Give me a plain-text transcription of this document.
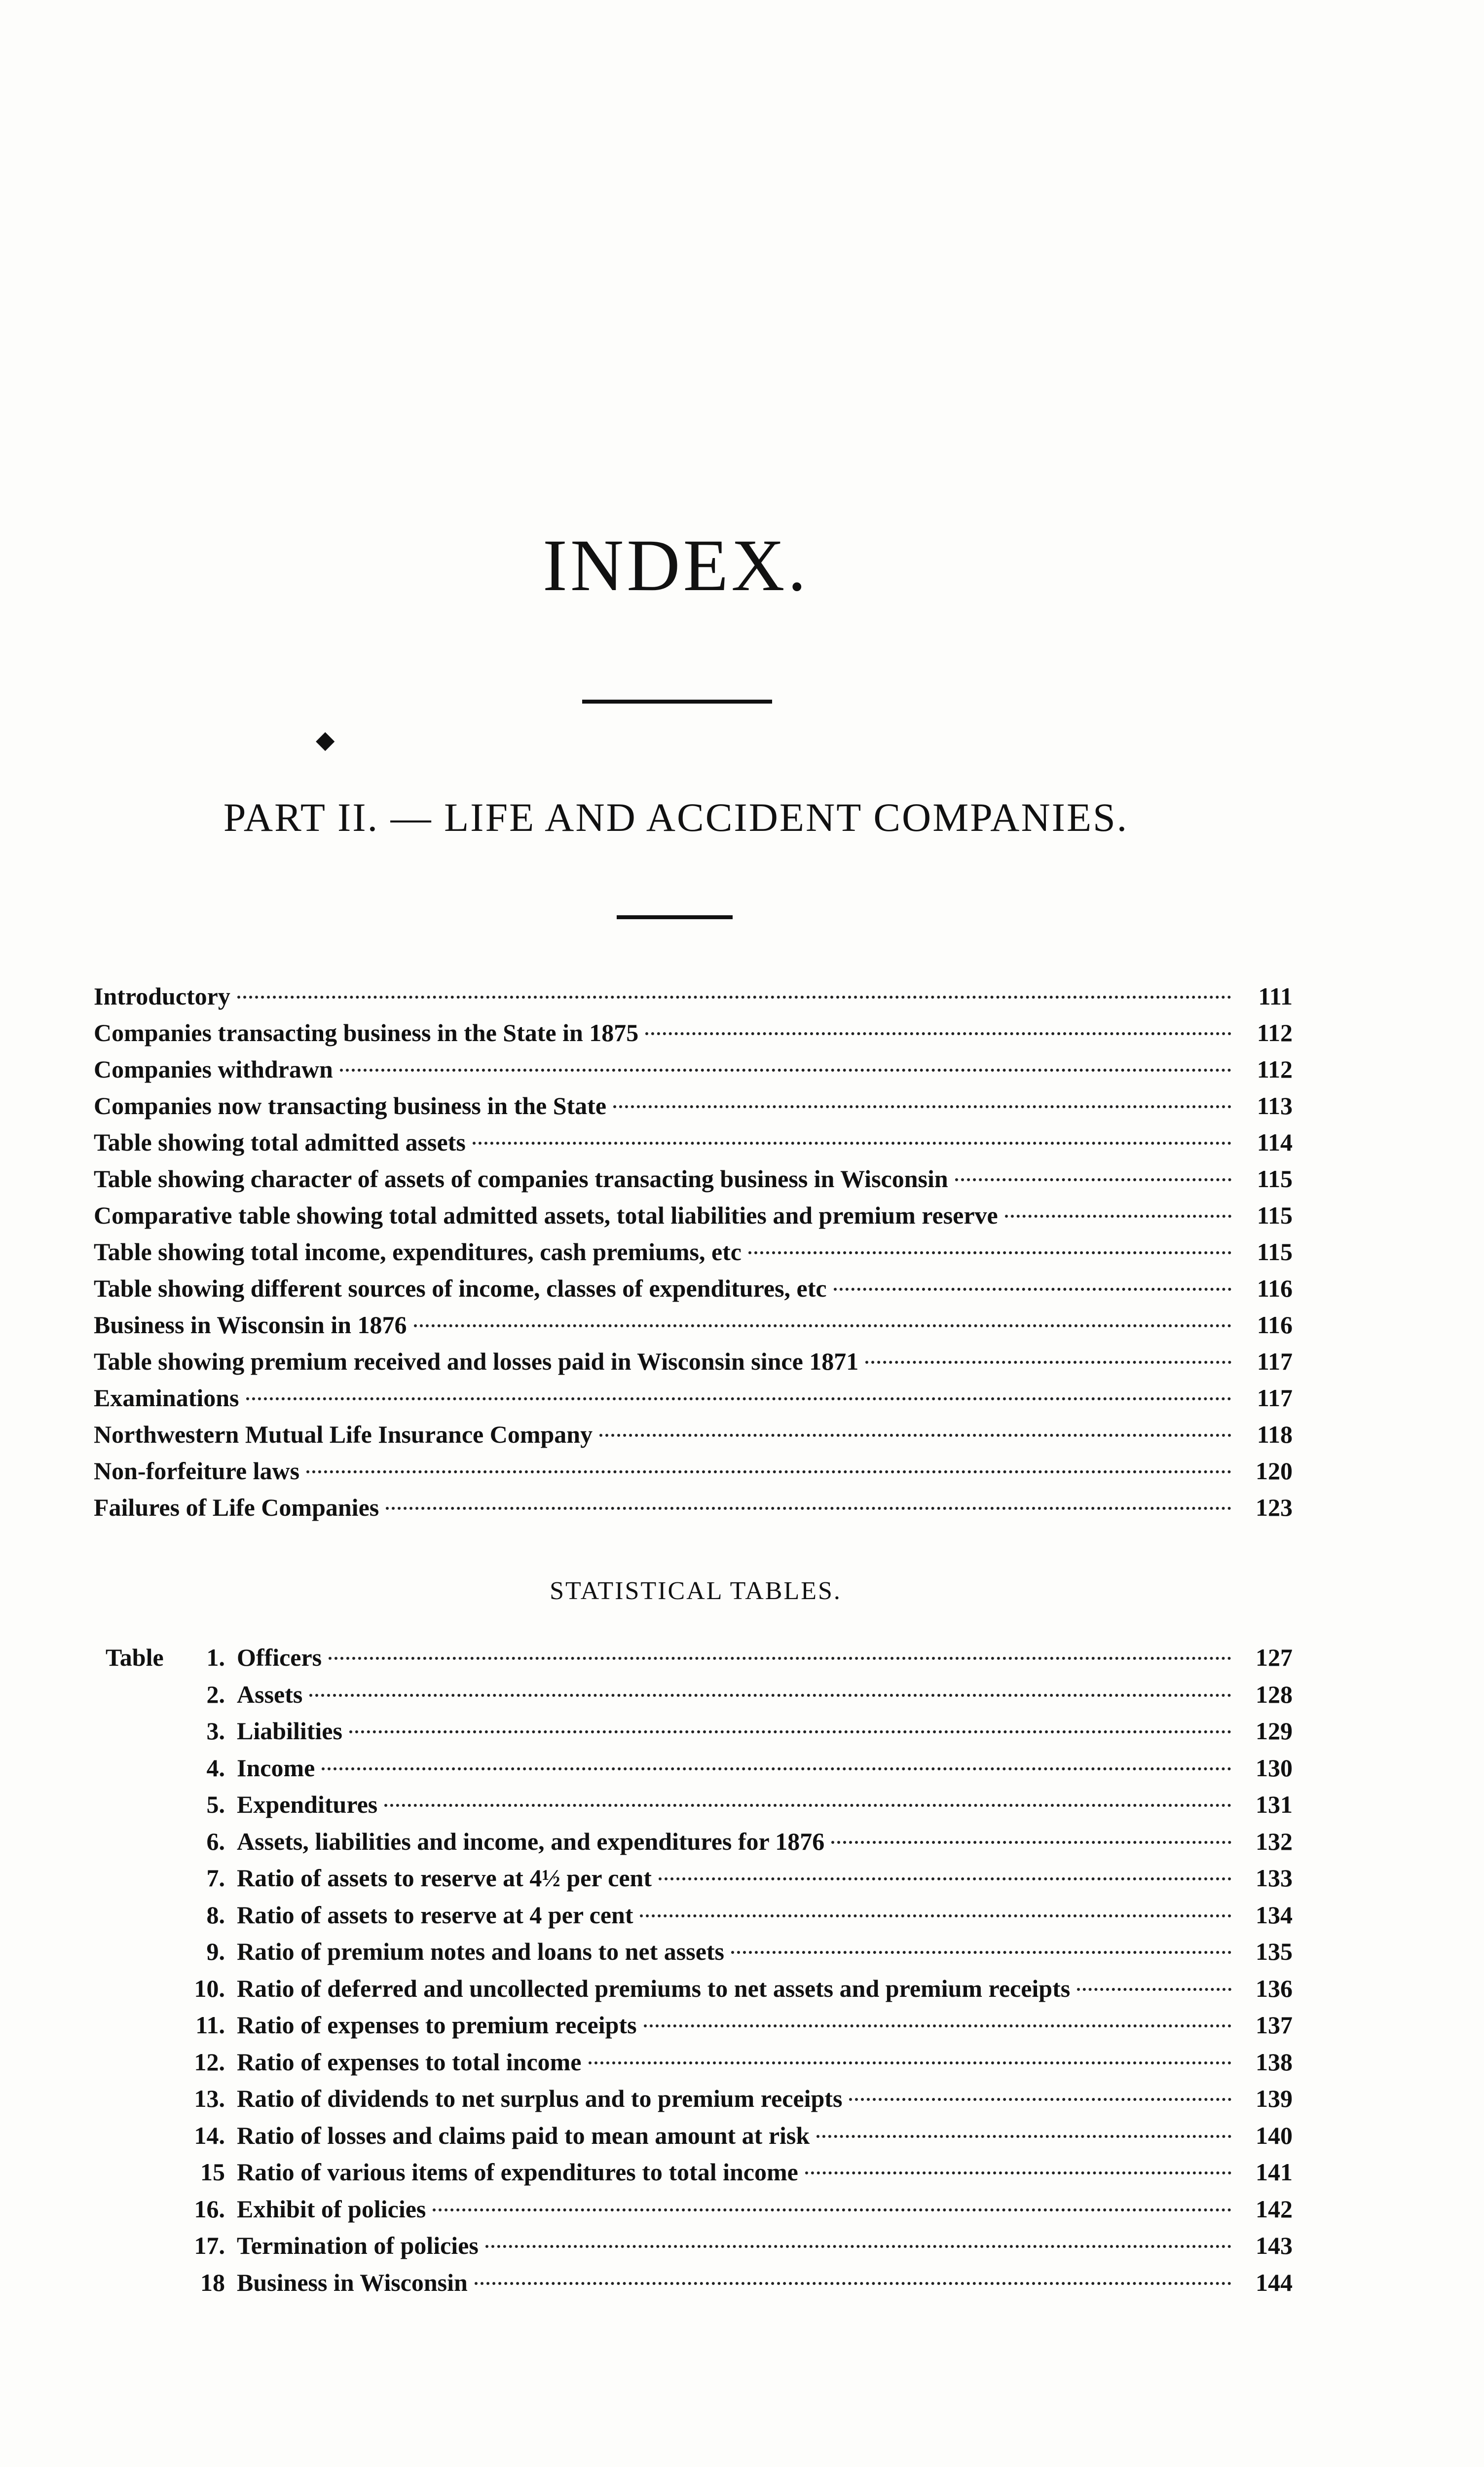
INDEX.
◆
PART II. — LIFE AND ACCIDENT COMPANIES.
Introductory	111
Companies transacting business in the State in 1875	112
Companies withdrawn	112
Companies now transacting business in the State	113
Table showing total admitted assets	114
Table showing character of assets of companies transacting business in Wisconsin	115
Comparative table showing total admitted assets, total liabilities and premium reserve	115
Table showing total income, expenditures, cash premiums, etc	115
Table showing different sources of income, classes of expenditures, etc	116
Business in Wisconsin in 1876	116
Table showing premium received and losses paid in Wisconsin since 1871	117
Examinations	117
Northwestern Mutual Life Insurance Company	118
Non-forfeiture laws	120
Failures of Life Companies	123
STATISTICAL TABLES.
Table	1. Officers	127
2. Assets	128
3. Liabilities	129
4. Income	130
5. Expenditures	131
6. Assets, liabilities and income, and expenditures for 1876	132
7. Ratio of assets to reserve at 4½ per cent	133
8. Ratio of assets to reserve at 4 per cent	134
9. Ratio of premium notes and loans to net assets	135
10. Ratio of deferred and uncollected premiums to net assets and premium receipts	136
11. Ratio of expenses to premium receipts	137
12. Ratio of expenses to total income	138
13. Ratio of dividends to net surplus and to premium receipts	139
14. Ratio of losses and claims paid to mean amount at risk	140
15 Ratio of various items of expenditures to total income	141
16. Exhibit of policies	142
17. Termination of policies	143
18 Business in Wisconsin	144
